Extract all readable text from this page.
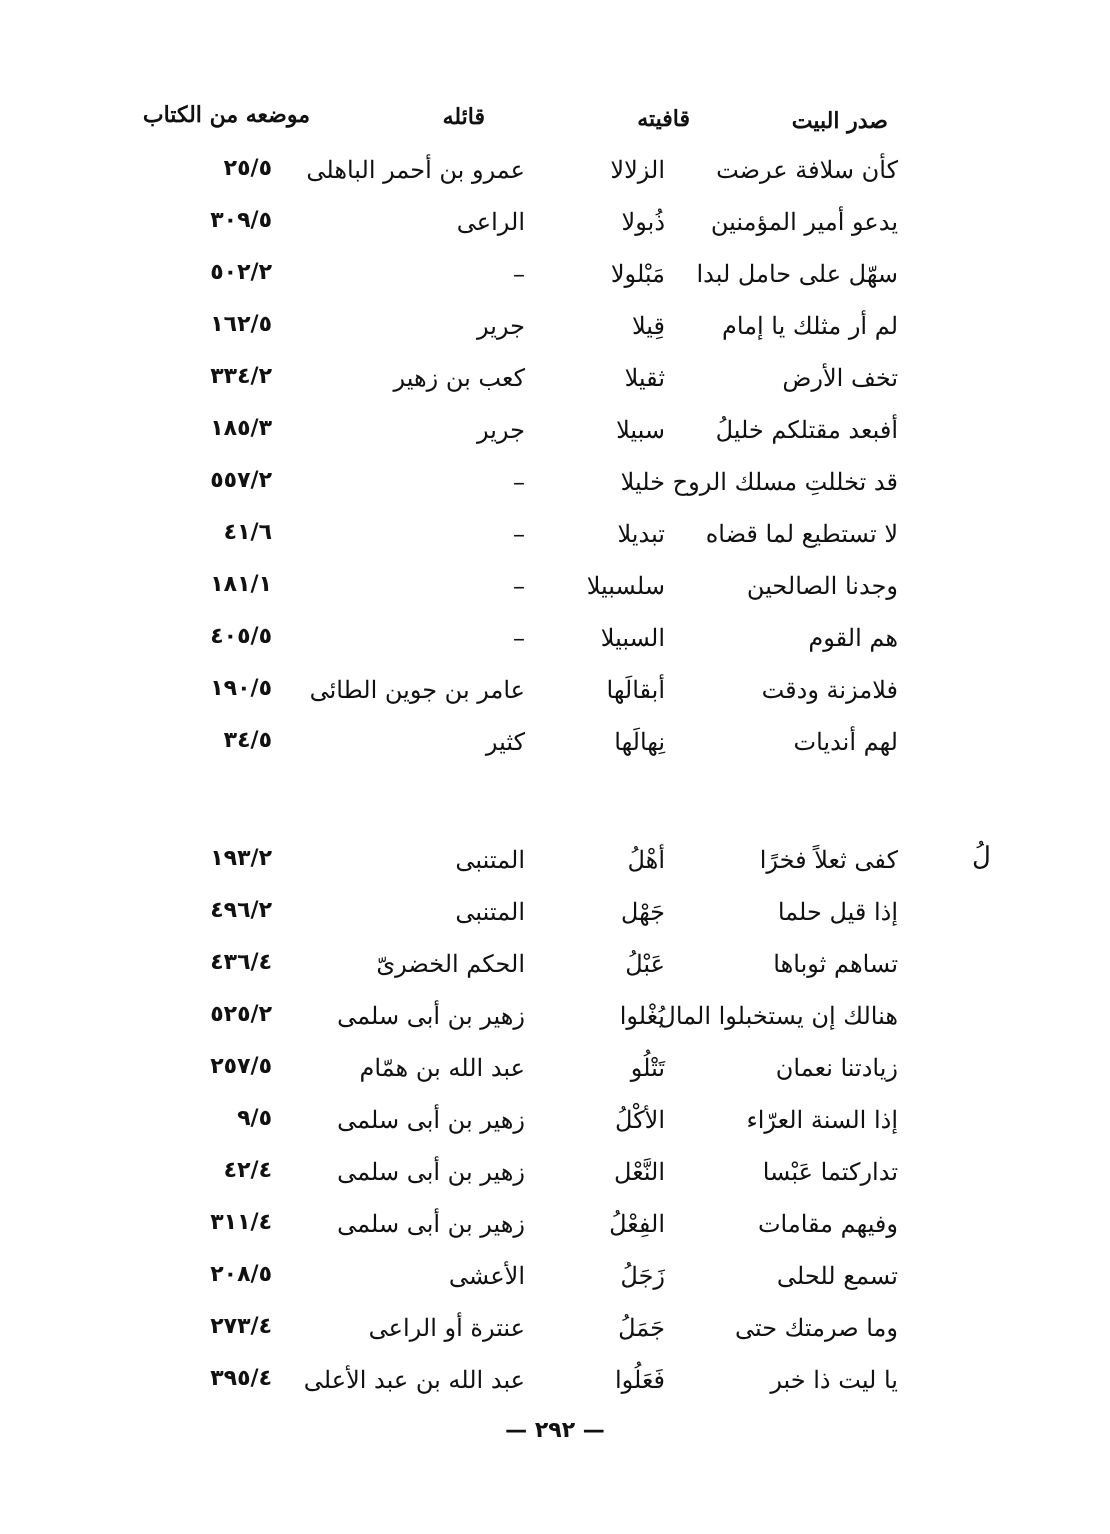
صدر البيت
قافيته
قائله
موضعه من الكتاب
كأن سلافة عرضت
الزلالا
عمرو بن أحمر الباهلى
٢٥/٥
يدعو أمير المؤمنين
ذُبولا
الراعى
٣٠٩/٥
سهّل على حامل لبدا
مَبْلولا
–
٥٠٢/٢
لم أر مثلك يا إمام
قِيلا
جرير
١٦٢/٥
تخف الأرض
ثقيلا
كعب بن زهير
٣٣٤/٢
أفبعد مقتلكم خليلُ
سبيلا
جرير
١٨٥/٣
قد تخللتِ مسلك الروح
خليلا
–
٥٥٧/٢
لا تستطيع لما قضاه
تبديلا
–
٤١/٦
وجدنا الصالحين
سلسبيلا
–
١٨١/١
هم القوم
السبيلا
–
٤٠٥/٥
فلامزنة ودقت
أبقالَها
عامر بن جوين الطائى
١٩٠/٥
لهم أنديات
نِهالَها
كثير
٣٤/٥
لُ
كفى ثعلاً فخرًا
أهْلُ
المتنبى
١٩٣/٢
إذا قيل حلما
جَهْل
المتنبى
٤٩٦/٢
تساهم ثوباها
عَبْلُ
الحكم الخضرىّ
٤٣٦/٤
هنالك إن يستخبلوا المال
يُغْلوا
زهير بن أبى سلمى
٥٢٥/٢
زيادتنا نعمان
تَتْلُو
عبد الله بن همّام
٢٥٧/٥
إذا السنة العرّاء
الأكْلُ
زهير بن أبى سلمى
٩/٥
تداركتما عَبْسا
النَّعْل
زهير بن أبى سلمى
٤٢/٤
وفيهم مقامات
الفِعْلُ
زهير بن أبى سلمى
٣١١/٤
تسمع للحلى
زَجَلُ
الأعشى
٢٠٨/٥
وما صرمتك حتى
جَمَلُ
عنترة أو الراعى
٢٧٣/٤
يا ليت ذا خبر
فَعَلُوا
عبد الله بن عبد الأعلى
٣٩٥/٤
— ٢٩٢ —
